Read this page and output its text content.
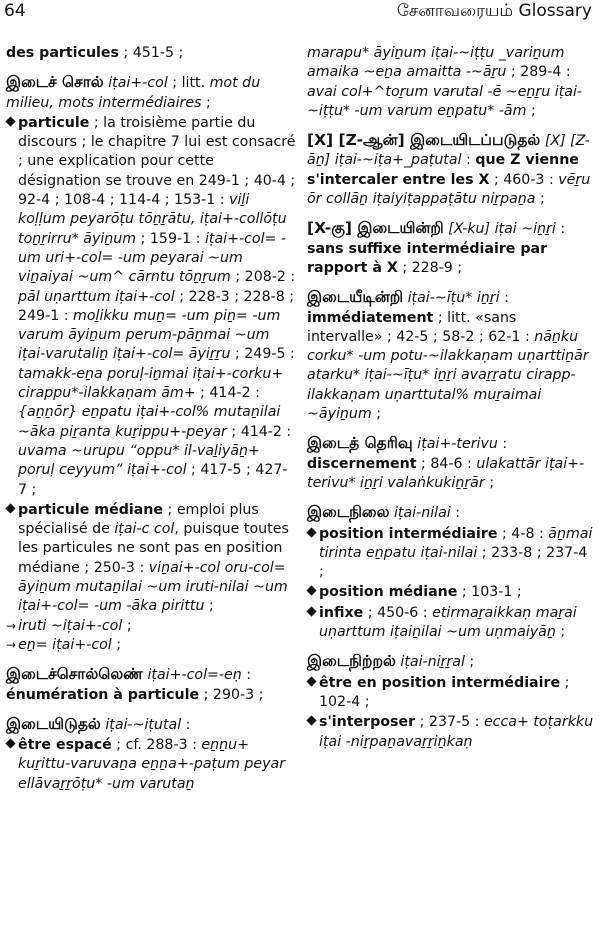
64	சேனாவரையம் Glossary

des particules ; 451-5 ;

இடைச் சொல் iṭai+-col ; litt. mot du milieu, mots intermédiaires ;

particule ; la troisième partie du discours ; le chapitre 7 lui est consacré ; une explication pour cette désignation se trouve en 249-1 ; 40-4 ; 92-4 ; 108-4 ; 114-4 ; 153-1 : viḻi koḷḷum peyarōṭu tōṉṟātu, iṭai+-collōṭu toṉṟirru* āyiṉum ; 159-1 : iṭai+-col= -um uri+-col= -um peyarai ~um viṉaiyai ~um^ cārntu tōṉṟum ; 208-2 : pāl uṇarttum iṭai+-col ; 228-3 ; 228-8 ; 249-1 : moḻikku muṉ= -um piṉ= -um varum āyiṉum perum-pāṉmai ~um iṭai-varutaliṉ iṭai+-col= āyiṟṟu ; 249-5 : tamakk-eṉa poruḷ-iṉmai iṭai+-corku+ cirappu*-ilakkaṇam ām+ ; 414-2 : {aṉṉōr} eṉpatu iṭai+-col% mutaṉilai ~āka piṟanta kuṟippu+-peyar ; 414-2 : uvama ~urupu “oppu* il-vaḻiyāṉ+ poruḷ ceyyum” iṭai+-col ; 417-5 ; 427-7 ;

particule médiane ; emploi plus spécialisé de iṭai-c col, puisque toutes les particules ne sont pas en position médiane ; 250-3 : viṉai+-col oru-col= āyiṉum mutaṉilai ~um iruti-nilai ~um iṭai+-col= -um -āka pirittu ;

→ iruti ~iṭai+-col ;

→ eṉ= iṭai+-col ;

இடைச்சொல்லெண் iṭai+-col=-eṇ : énumération à particule ; 290-3 ;

இடையிடுதல் iṭai-~iṭutal :

être espacé ; cf. 288-3 : eṉṉu+ kuṟittu-varuvaṉa eṉṉa+-paṭum peyar ellāvaṟṟōṭu* -um varutaṉ

marapu* āyiṉum iṭai-~iṭṭu _variṉum amaika ~eṉa amaitta -~āṟu ; 289-4 : avai col+^toṟum varutal -ē ~eṉṟu iṭai-~iṭṭu* -um varum eṉpatu* -ām ;

[X] [Z-ஆன்] இடையிடப்படுதல் [X] [Z-āṉ] iṭai-~iṭa+_paṭutal : que Z vienne s'intercaler entre les X ; 460-3 : vēṟu ōr collāṉ iṭaiyiṭappaṭātu niṟpaṉa ;

[X-கு] இடையின்றி [X-ku] iṭai ~iṉṟi : sans suffixe intermédiaire par rapport à X ; 228-9 ;

இடையீடின்றி iṭai-~īṭu* iṉṟi : immédiatement ; litt. «sans intervalle» ; 42-5 ; 58-2 ; 62-1 : nāṉku corku* -um potu-~ilakkaṇam uṇarttiṉār atarku* iṭai-~īṭu* iṉṟi avaṟṟatu cirapp-ilakkaṇam uṇarttutal% muṟaimai ~āyiṉum ;

இடைத் தெரிவு iṭai+-terivu : discernement ; 84-6 : ulakattār iṭai+-terivu* iṉṟi valaṅkukiṉṟār ;

இடைநிலை iṭai-nilai :

position intermédiaire ; 4-8 : āṉmai tirinta eṉpatu iṭai-nilai ; 233-8 ; 237-4 ;

position médiane ; 103-1 ;

infixe ; 450-6 : etirmaṟaikkaṇ maṟai uṇarttum iṭaiṉilai ~um uṇmaiyāṉ ;

இடைநிற்றல் iṭai-niṟṟal ;

être en position intermédiaire ; 102-4 ;

s'interposer ; 237-5 : ecca+ toṭarkku iṭai -niṟpaṉavaṟṟiṉkaṇ
